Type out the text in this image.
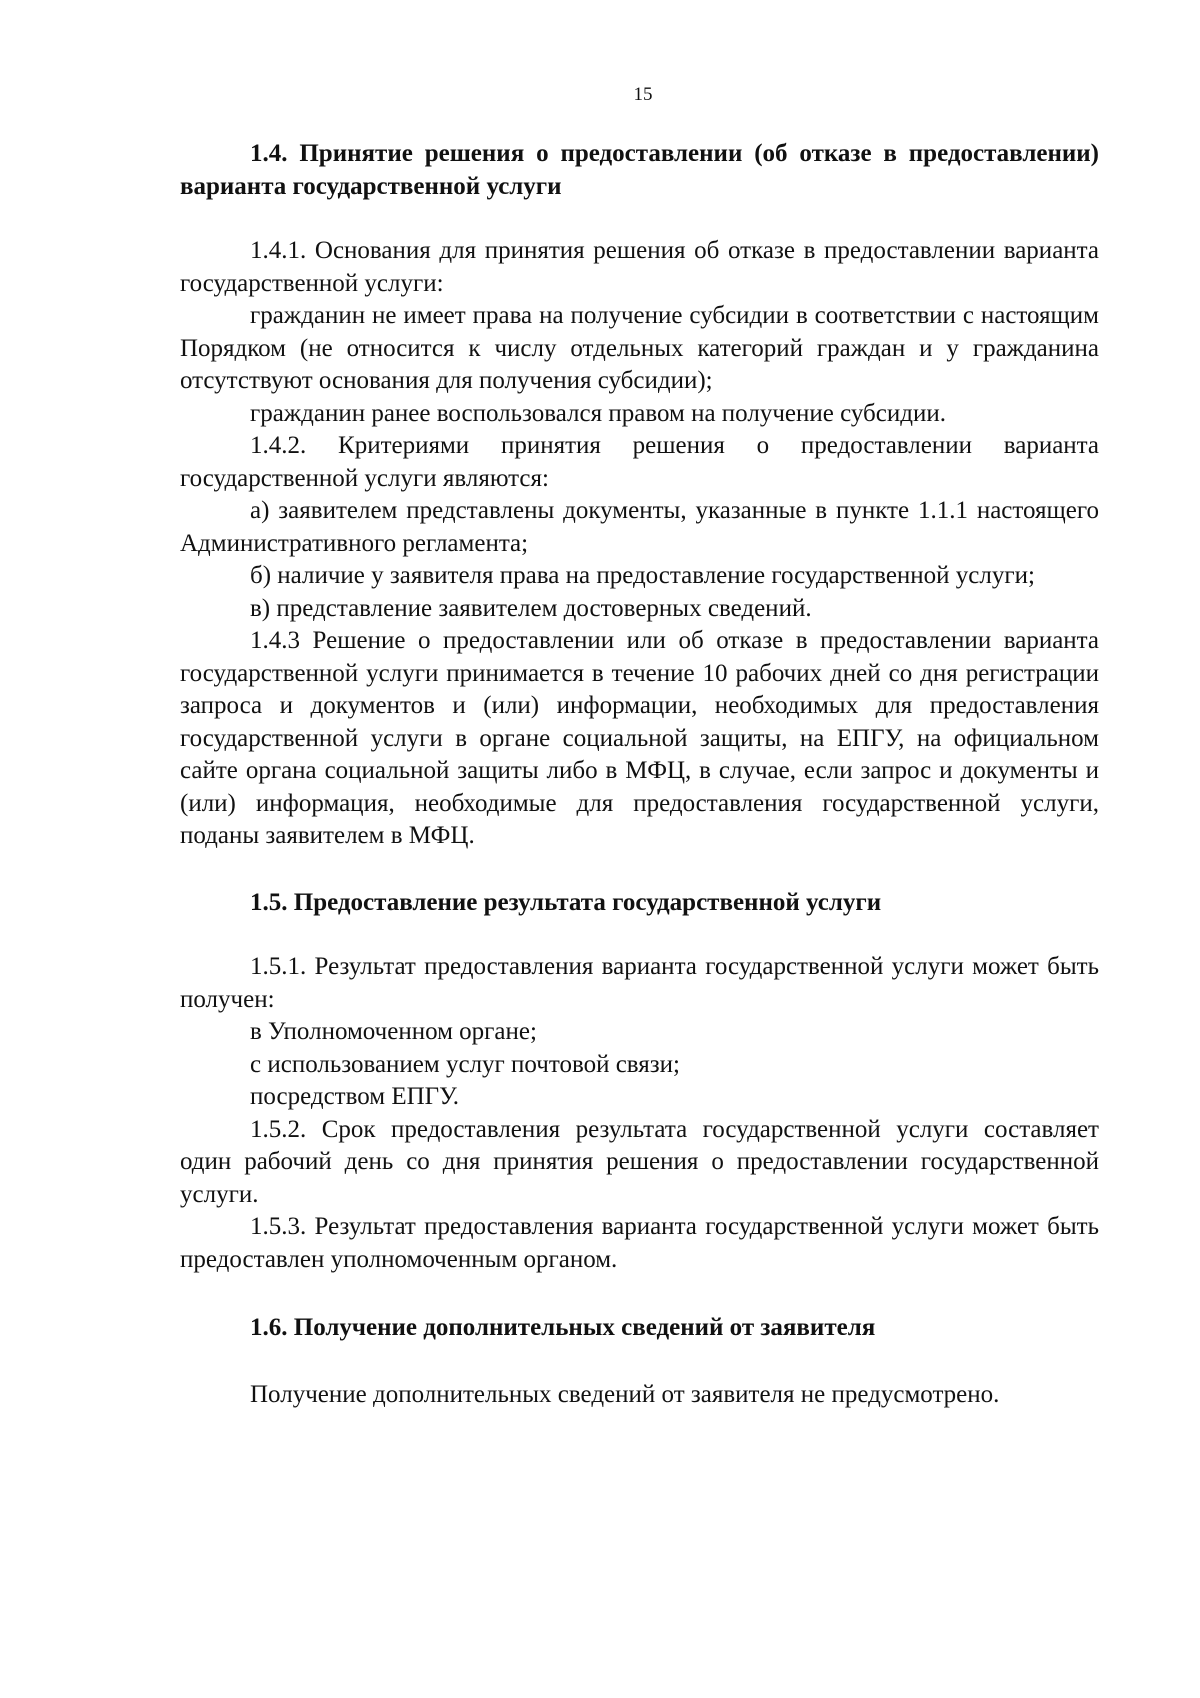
15

1.4. Принятие решения о предоставлении (об отказе в предоставлении) варианта государственной услуги

1.4.1. Основания для принятия решения об отказе в предоставлении варианта государственной услуги:

гражданин не имеет права на получение субсидии в соответствии с настоящим Порядком (не относится к числу отдельных категорий граждан и у гражданина отсутствуют основания для получения субсидии);

гражданин ранее воспользовался правом на получение субсидии.

1.4.2. Критериями принятия решения о предоставлении варианта государственной услуги являются:

а) заявителем представлены документы, указанные в пункте 1.1.1 настоящего Административного регламента;

б) наличие у заявителя права на предоставление государственной услуги;

в) представление заявителем достоверных сведений.

1.4.3 Решение о предоставлении или об отказе в предоставлении варианта государственной услуги принимается в течение 10 рабочих дней со дня регистрации запроса и документов и (или) информации, необходимых для предоставления государственной услуги в органе социальной защиты, на ЕПГУ, на официальном сайте органа социальной защиты либо в МФЦ, в случае, если запрос и документы и (или) информация, необходимые для предоставления государственной услуги, поданы заявителем в МФЦ.

1.5. Предоставление результата государственной услуги

1.5.1. Результат предоставления варианта государственной услуги может быть получен:

в Уполномоченном органе;

с использованием услуг почтовой связи;

посредством ЕПГУ.

1.5.2. Срок предоставления результата государственной услуги составляет один рабочий день со дня принятия решения о предоставлении государственной услуги.

1.5.3. Результат предоставления варианта государственной услуги может быть предоставлен уполномоченным органом.

1.6. Получение дополнительных сведений от заявителя

Получение дополнительных сведений от заявителя не предусмотрено.
